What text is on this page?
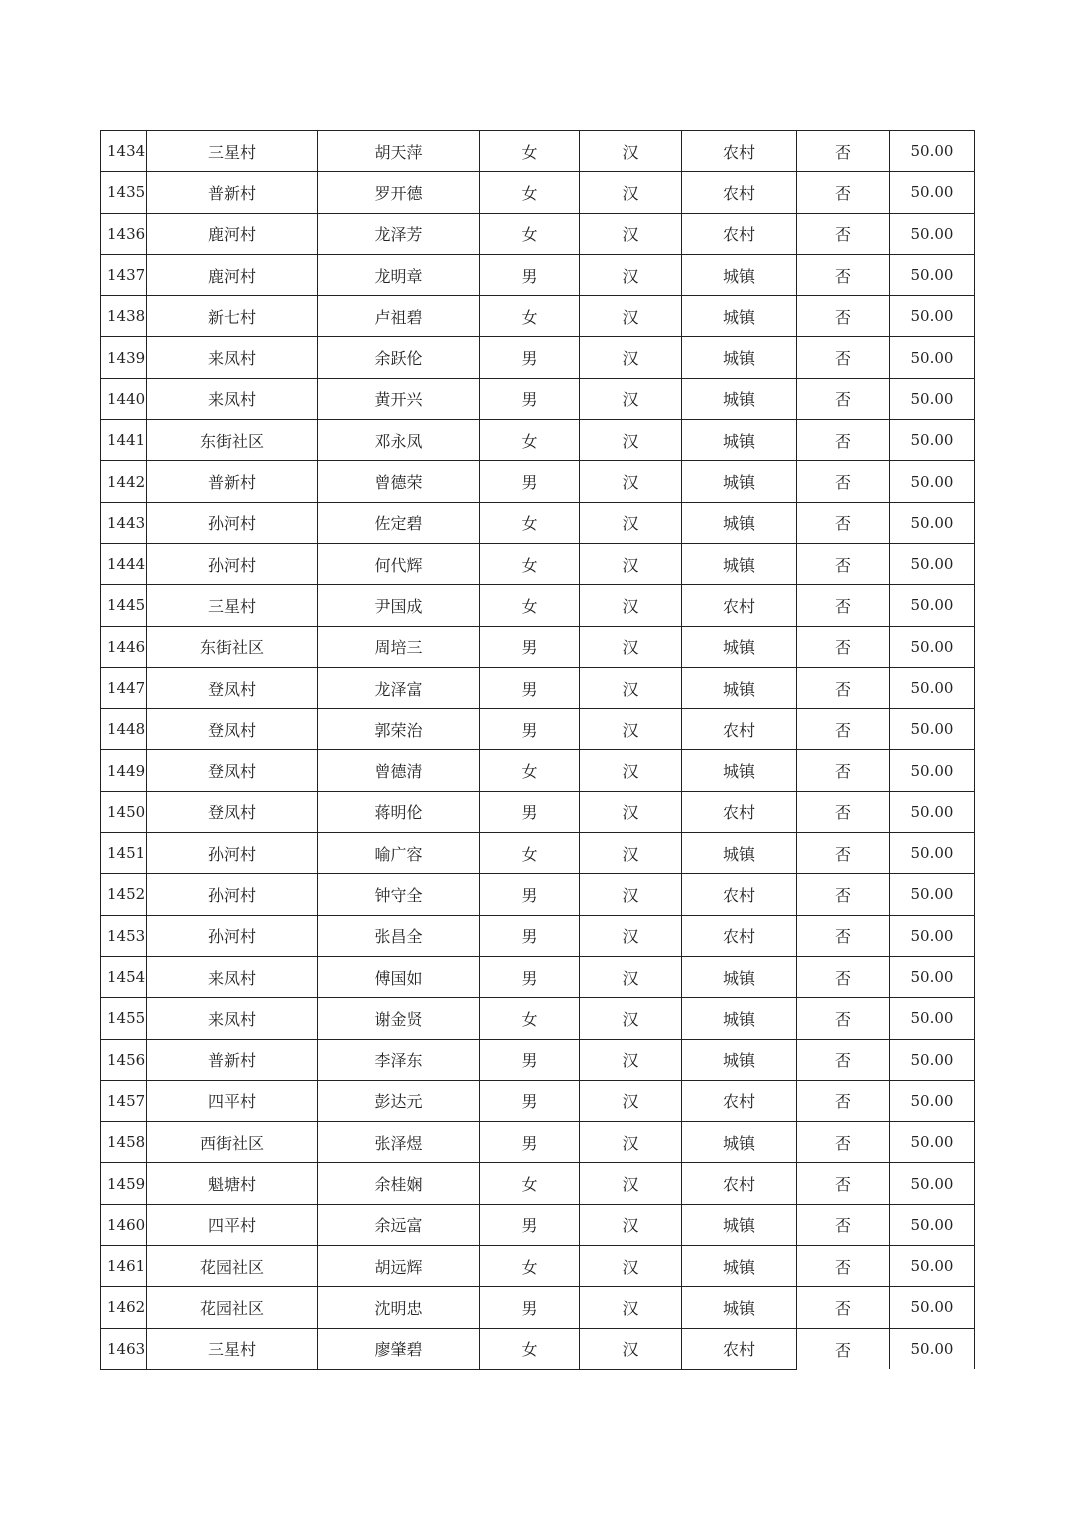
1434	三星村	胡天萍	女	汉	农村	否	50.00
1435	普新村	罗开德	女	汉	农村	否	50.00
1436	鹿河村	龙泽芳	女	汉	农村	否	50.00
1437	鹿河村	龙明章	男	汉	城镇	否	50.00
1438	新七村	卢祖碧	女	汉	城镇	否	50.00
1439	来凤村	余跃伦	男	汉	城镇	否	50.00
1440	来凤村	黄开兴	男	汉	城镇	否	50.00
1441	东街社区	邓永凤	女	汉	城镇	否	50.00
1442	普新村	曾德荣	男	汉	城镇	否	50.00
1443	孙河村	佐定碧	女	汉	城镇	否	50.00
1444	孙河村	何代辉	女	汉	城镇	否	50.00
1445	三星村	尹国成	女	汉	农村	否	50.00
1446	东街社区	周培三	男	汉	城镇	否	50.00
1447	登凤村	龙泽富	男	汉	城镇	否	50.00
1448	登凤村	郭荣治	男	汉	农村	否	50.00
1449	登凤村	曾德清	女	汉	城镇	否	50.00
1450	登凤村	蒋明伦	男	汉	农村	否	50.00
1451	孙河村	喻广容	女	汉	城镇	否	50.00
1452	孙河村	钟守全	男	汉	农村	否	50.00
1453	孙河村	张昌全	男	汉	农村	否	50.00
1454	来凤村	傅国如	男	汉	城镇	否	50.00
1455	来凤村	谢金贤	女	汉	城镇	否	50.00
1456	普新村	李泽东	男	汉	城镇	否	50.00
1457	四平村	彭达元	男	汉	农村	否	50.00
1458	西街社区	张泽煜	男	汉	城镇	否	50.00
1459	魁塘村	余桂娴	女	汉	农村	否	50.00
1460	四平村	余远富	男	汉	城镇	否	50.00
1461	花园社区	胡远辉	女	汉	城镇	否	50.00
1462	花园社区	沈明忠	男	汉	城镇	否	50.00
1463	三星村	廖肇碧	女	汉	农村	否	50.00
